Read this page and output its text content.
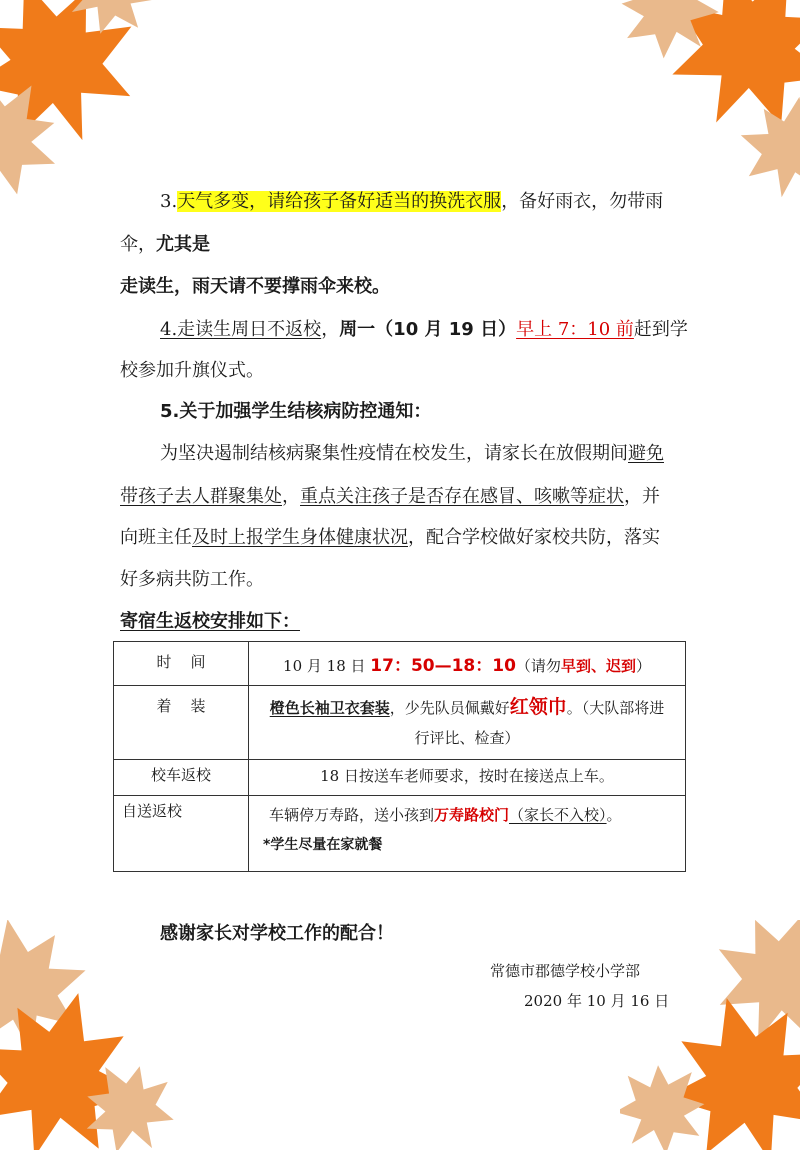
3.天气多变，请给孩子备好适当的换洗衣服，备好雨衣，勿带雨
伞，尤其是
走读生，雨天请不要撑雨伞来校。
4.走读生周日不返校，周一（10 月 19 日）早上 7：10 前赶到学
校参加升旗仪式。
5.关于加强学生结核病防控通知：
为坚决遏制结核病聚集性疫情在校发生，请家长在放假期间避免
带孩子去人群聚集处，重点关注孩子是否存在感冒、咳嗽等症状，并
向班主任及时上报学生身体健康状况，配合学校做好家校共防，落实
好多病共防工作。
寄宿生返校安排如下：
时    间	10 月 18 日 17：50—18：10（请勿早到、迟到）
着    装	橙色长袖卫衣套装，少先队员佩戴好红领巾。（大队部将进
行评比、检查）
校车返校	18 日按送车老师要求，按时在接送点上车。
自送返校	车辆停万寿路，送小孩到万寿路校门（家长不入校）。
*学生尽量在家就餐
感谢家长对学校工作的配合！
常德市郡德学校小学部
2020 年 10 月 16 日
